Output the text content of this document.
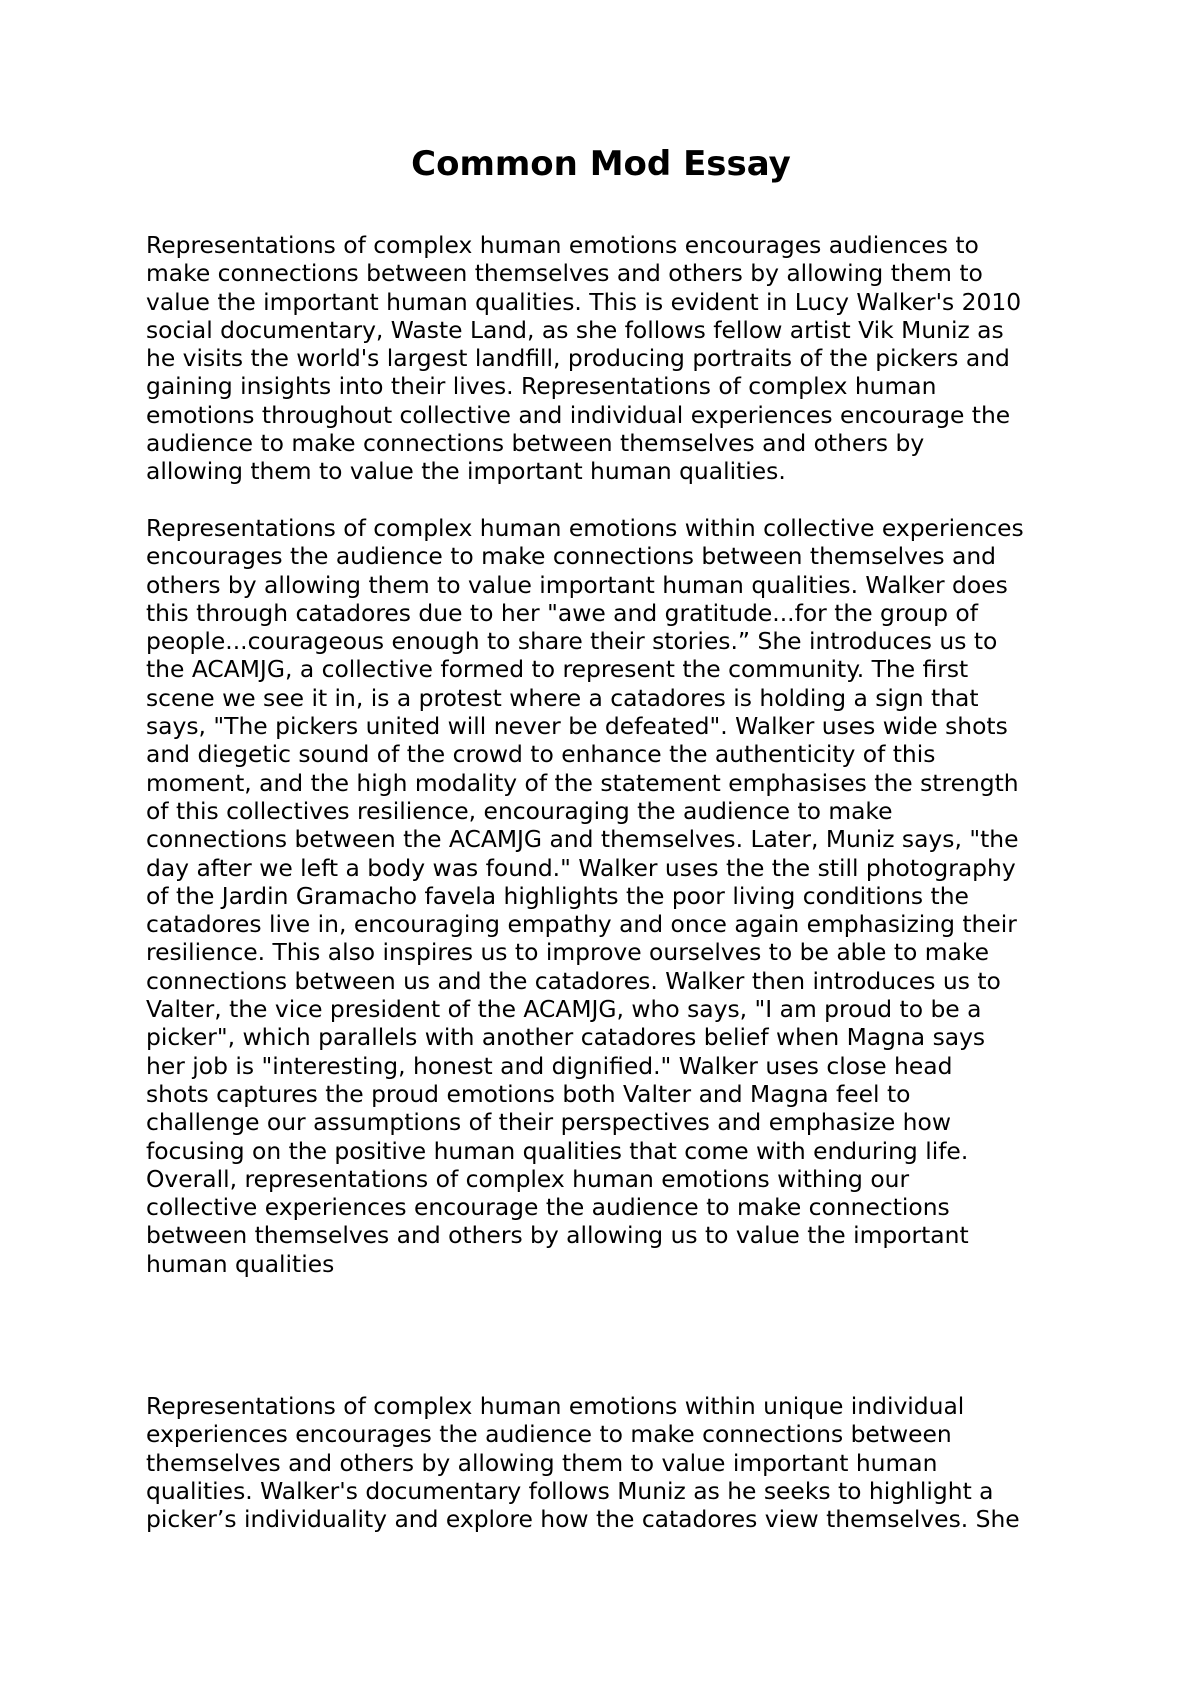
Common Mod Essay
Representations of complex human emotions encourages audiences to
make connections between themselves and others by allowing them to
value the important human qualities. This is evident in Lucy Walker's 2010
social documentary, Waste Land, as she follows fellow artist Vik Muniz as
he visits the world's largest landfill, producing portraits of the pickers and
gaining insights into their lives. Representations of complex human
emotions throughout collective and individual experiences encourage the
audience to make connections between themselves and others by
allowing them to value the important human qualities.
Representations of complex human emotions within collective experiences
encourages the audience to make connections between themselves and
others by allowing them to value important human qualities. Walker does
this through catadores due to her "awe and gratitude...for the group of
people...courageous enough to share their stories.” She introduces us to
the ACAMJG, a collective formed to represent the community. The first
scene we see it in, is a protest where a catadores is holding a sign that
says, "The pickers united will never be defeated". Walker uses wide shots
and diegetic sound of the crowd to enhance the authenticity of this
moment, and the high modality of the statement emphasises the strength
of this collectives resilience, encouraging the audience to make
connections between the ACAMJG and themselves. Later, Muniz says, "the
day after we left a body was found." Walker uses the the still photography
of the Jardin Gramacho favela highlights the poor living conditions the
catadores live in, encouraging empathy and once again emphasizing their
resilience. This also inspires us to improve ourselves to be able to make
connections between us and the catadores. Walker then introduces us to
Valter, the vice president of the ACAMJG, who says, "I am proud to be a
picker", which parallels with another catadores belief when Magna says
her job is "interesting, honest and dignified." Walker uses close head
shots captures the proud emotions both Valter and Magna feel to
challenge our assumptions of their perspectives and emphasize how
focusing on the positive human qualities that come with enduring life.
Overall, representations of complex human emotions withing our
collective experiences encourage the audience to make connections
between themselves and others by allowing us to value the important
human qualities
Representations of complex human emotions within unique individual
experiences encourages the audience to make connections between
themselves and others by allowing them to value important human
qualities. Walker's documentary follows Muniz as he seeks to highlight a
picker’s individuality and explore how the catadores view themselves. She
